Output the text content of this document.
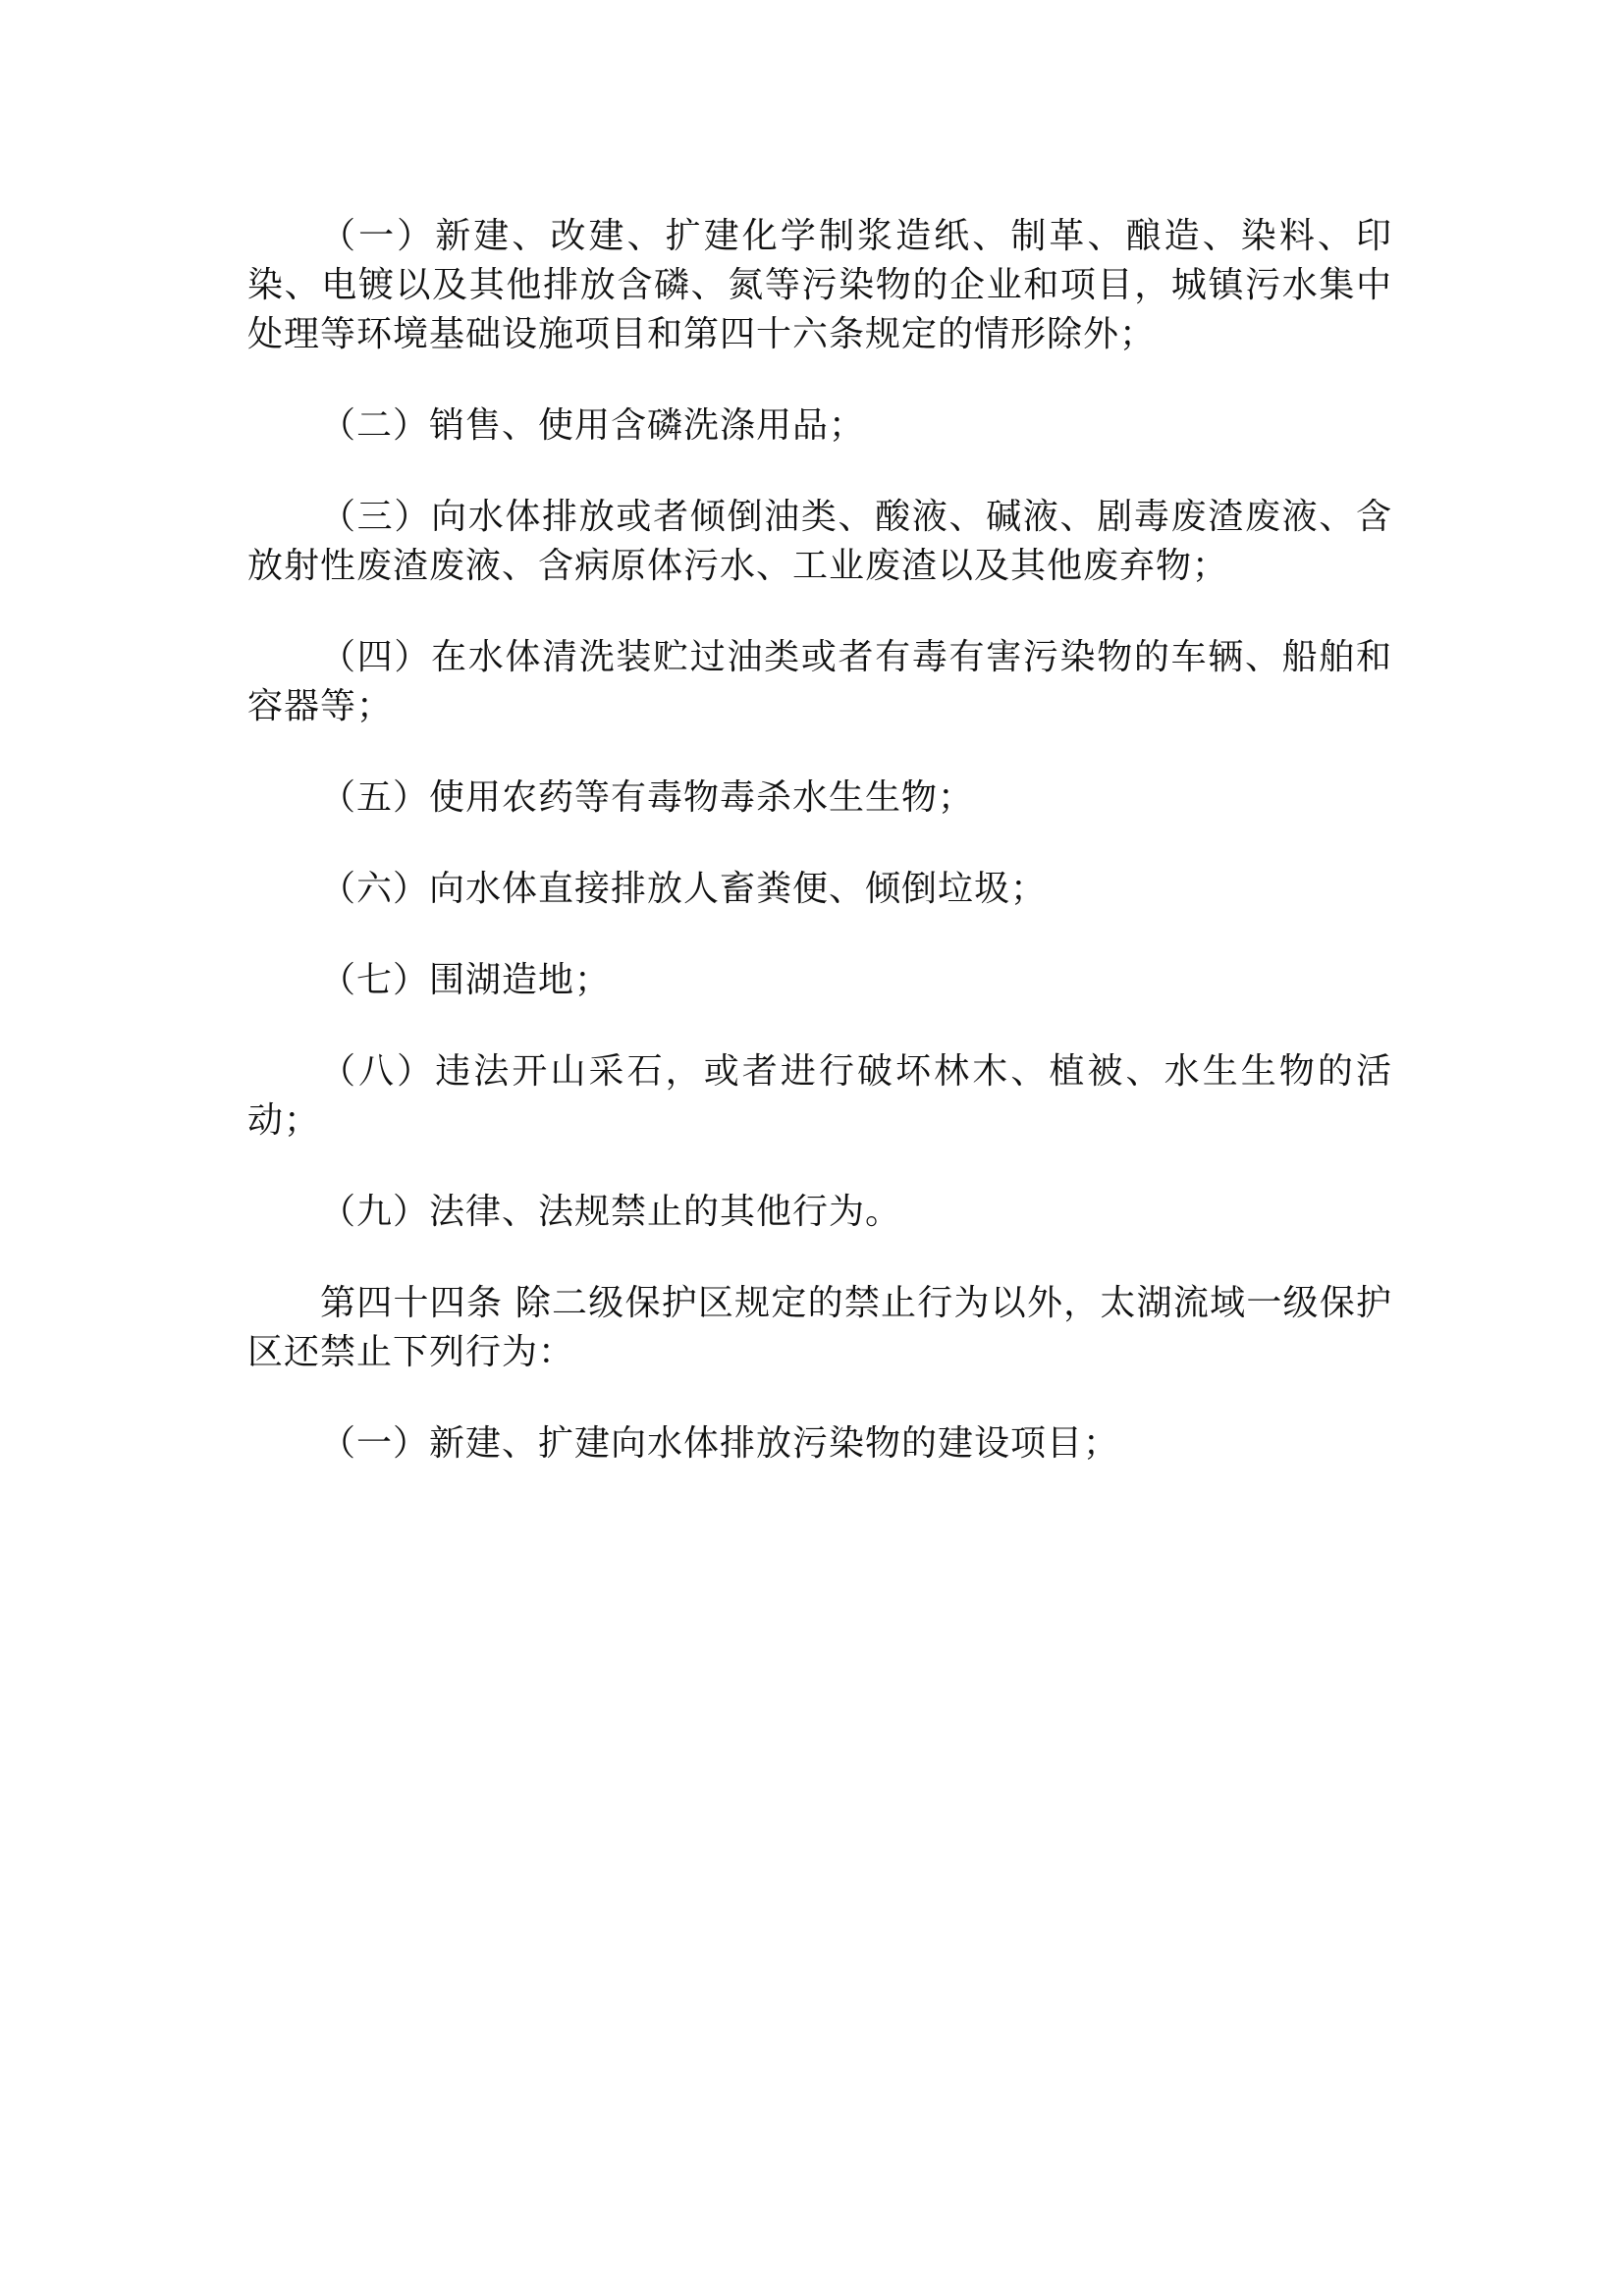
（一）新建、改建、扩建化学制浆造纸、制革、酿造、染料、印染、电镀以及其他排放含磷、氮等污染物的企业和项目，城镇污水集中处理等环境基础设施项目和第四十六条规定的情形除外；

（二）销售、使用含磷洗涤用品；

（三）向水体排放或者倾倒油类、酸液、碱液、剧毒废渣废液、含放射性废渣废液、含病原体污水、工业废渣以及其他废弃物；

（四）在水体清洗装贮过油类或者有毒有害污染物的车辆、船舶和容器等；

（五）使用农药等有毒物毒杀水生生物；

（六）向水体直接排放人畜粪便、倾倒垃圾；

（七）围湖造地；

（八）违法开山采石，或者进行破坏林木、植被、水生生物的活动；

（九）法律、法规禁止的其他行为。

第四十四条 除二级保护区规定的禁止行为以外，太湖流域一级保护区还禁止下列行为：

（一）新建、扩建向水体排放污染物的建设项目；
